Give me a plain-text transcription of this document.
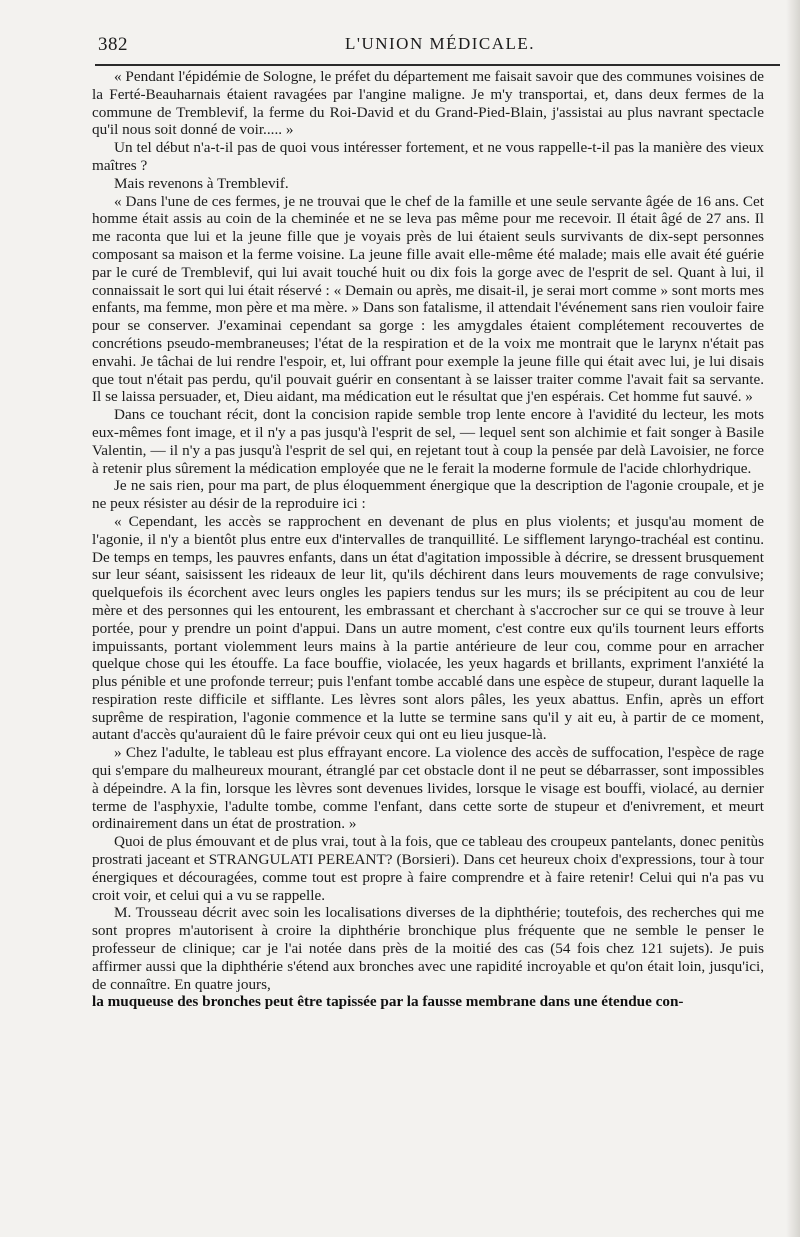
382	L'UNION MÉDICALE.

« Pendant l'épidémie de Sologne, le préfet du département me faisait savoir que des communes voisines de la Ferté-Beauharnais étaient ravagées par l'angine maligne. Je m'y transportai, et, dans deux fermes de la commune de Tremblevif, la ferme du Roi-David et du Grand-Pied-Blain, j'assistai au plus navrant spectacle qu'il nous soit donné de voir..... »

Un tel début n'a-t-il pas de quoi vous intéresser fortement, et ne vous rappelle-t-il pas la manière des vieux maîtres ?

Mais revenons à Tremblevif.

« Dans l'une de ces fermes, je ne trouvai que le chef de la famille et une seule servante âgée de 16 ans. Cet homme était assis au coin de la cheminée et ne se leva pas même pour me recevoir. Il était âgé de 27 ans. Il me raconta que lui et la jeune fille que je voyais près de lui étaient seuls survivants de dix-sept personnes composant sa maison et la ferme voisine. La jeune fille avait elle-même été malade; mais elle avait été guérie par le curé de Tremblevif, qui lui avait touché huit ou dix fois la gorge avec de l'esprit de sel. Quant à lui, il connaissait le sort qui lui était réservé : « Demain ou après, me disait-il, je serai mort comme » sont morts mes enfants, ma femme, mon père et ma mère. » Dans son fatalisme, il attendait l'événement sans rien vouloir faire pour se conserver. J'examinai cependant sa gorge : les amygdales étaient complétement recouvertes de concrétions pseudo-membraneuses; l'état de la respiration et de la voix me montrait que le larynx n'était pas envahi. Je tâchai de lui rendre l'espoir, et, lui offrant pour exemple la jeune fille qui était avec lui, je lui disais que tout n'était pas perdu, qu'il pouvait guérir en consentant à se laisser traiter comme l'avait fait sa servante. Il se laissa persuader, et, Dieu aidant, ma médication eut le résultat que j'en espérais. Cet homme fut sauvé. »

Dans ce touchant récit, dont la concision rapide semble trop lente encore à l'avidité du lecteur, les mots eux-mêmes font image, et il n'y a pas jusqu'à l'esprit de sel, — lequel sent son alchimie et fait songer à Basile Valentin, — il n'y a pas jusqu'à l'esprit de sel qui, en rejetant tout à coup la pensée par delà Lavoisier, ne force à retenir plus sûrement la médication employée que ne le ferait la moderne formule de l'acide chlorhydrique.

Je ne sais rien, pour ma part, de plus éloquemment énergique que la description de l'agonie croupale, et je ne peux résister au désir de la reproduire ici :

« Cependant, les accès se rapprochent en devenant de plus en plus violents; et jusqu'au moment de l'agonie, il n'y a bientôt plus entre eux d'intervalles de tranquillité. Le sifflement laryngo-trachéal est continu. De temps en temps, les pauvres enfants, dans un état d'agitation impossible à décrire, se dressent brusquement sur leur séant, saisissent les rideaux de leur lit, qu'ils déchirent dans leurs mouvements de rage convulsive; quelquefois ils écorchent avec leurs ongles les papiers tendus sur les murs; ils se précipitent au cou de leur mère et des personnes qui les entourent, les embrassant et cherchant à s'accrocher sur ce qui se trouve à leur portée, pour y prendre un point d'appui. Dans un autre moment, c'est contre eux qu'ils tournent leurs efforts impuissants, portant violemment leurs mains à la partie antérieure de leur cou, comme pour en arracher quelque chose qui les étouffe. La face bouffie, violacée, les yeux hagards et brillants, expriment l'anxiété la plus pénible et une profonde terreur; puis l'enfant tombe accablé dans une espèce de stupeur, durant laquelle la respiration reste difficile et sifflante. Les lèvres sont alors pâles, les yeux abattus. Enfin, après un effort suprême de respiration, l'agonie commence et la lutte se termine sans qu'il y ait eu, à partir de ce moment, autant d'accès qu'auraient dû le faire prévoir ceux qui ont eu lieu jusque-là.

» Chez l'adulte, le tableau est plus effrayant encore. La violence des accès de suffocation, l'espèce de rage qui s'empare du malheureux mourant, étranglé par cet obstacle dont il ne peut se débarrasser, sont impossibles à dépeindre. A la fin, lorsque les lèvres sont devenues livides, lorsque le visage est bouffi, violacé, au dernier terme de l'asphyxie, l'adulte tombe, comme l'enfant, dans cette sorte de stupeur et d'enivrement, et meurt ordinairement dans un état de prostration. »

Quoi de plus émouvant et de plus vrai, tout à la fois, que ce tableau des croupeux pantelants, donec penitùs prostrati jaceant et STRANGULATI PEREANT? (Borsieri). Dans cet heureux choix d'expressions, tour à tour énergiques et découragées, comme tout est propre à faire comprendre et à faire retenir! Celui qui n'a pas vu croit voir, et celui qui a vu se rappelle.

M. Trousseau décrit avec soin les localisations diverses de la diphthérie; toutefois, des recherches qui me sont propres m'autorisent à croire la diphthérie bronchique plus fréquente que ne semble le penser le professeur de clinique; car je l'ai notée dans près de la moitié des cas (54 fois chez 121 sujets). Je puis affirmer aussi que la diphthérie s'étend aux bronches avec une rapidité incroyable et qu'on était loin, jusqu'ici, de connaître. En quatre jours,

la muqueuse des bronches peut être tapissée par la fausse membrane dans une étendue con-
